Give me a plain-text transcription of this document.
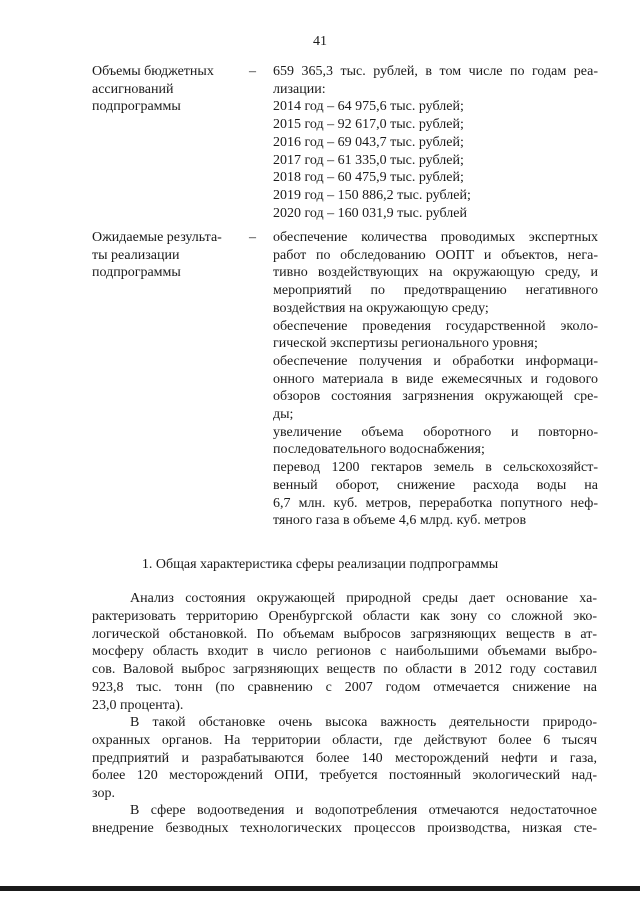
41
Объемы бюджетных
ассигнований
подпрограммы
– 659 365,3 тыс. рублей, в том числе по годам реа-
лизации:
2014 год – 64 975,6 тыс. рублей;
2015 год – 92 617,0 тыс. рублей;
2016 год – 69 043,7 тыс. рублей;
2017 год – 61 335,0 тыс. рублей;
2018 год – 60 475,9 тыс. рублей;
2019 год – 150 886,2 тыс. рублей;
2020 год – 160 031,9 тыс. рублей
Ожидаемые результа-
ты реализации
подпрограммы
– обеспечение количества проводимых экспертных
работ по обследованию ООПТ и объектов, нега-
тивно воздействующих на окружающую среду, и
мероприятий по предотвращению негативного
воздействия на окружающую среду;
обеспечение проведения государственной эколо-
гической экспертизы регионального уровня;
обеспечение получения и обработки информаци-
онного материала в виде ежемесячных и годового
обзоров состояния загрязнения окружающей сре-
ды;
увеличение объема оборотного и повторно-
последовательного водоснабжения;
перевод 1200 гектаров земель в сельскохозяйст-
венный оборот, снижение расхода воды на
6,7 млн. куб. метров, переработка попутного неф-
тяного газа в объеме 4,6 млрд. куб. метров
1. Общая характеристика сферы реализации подпрограммы
Анализ состояния окружающей природной среды дает основание ха-
рактеризовать территорию Оренбургской области как зону со сложной эко-
логической обстановкой. По объемам выбросов загрязняющих веществ в ат-
мосферу область входит в число регионов с наибольшими объемами выбро-
сов. Валовой выброс загрязняющих веществ по области в 2012 году составил
923,8 тыс. тонн (по сравнению с 2007 годом отмечается снижение на
23,0 процента).
В такой обстановке очень высока важность деятельности природо-
охранных органов. На территории области, где действуют более 6 тысяч
предприятий и разрабатываются более 140 месторождений нефти и газа,
более 120 месторождений ОПИ, требуется постоянный экологический над-
зор.
В сфере водоотведения и водопотребления отмечаются недостаточное
внедрение безводных технологических процессов производства, низкая сте-
